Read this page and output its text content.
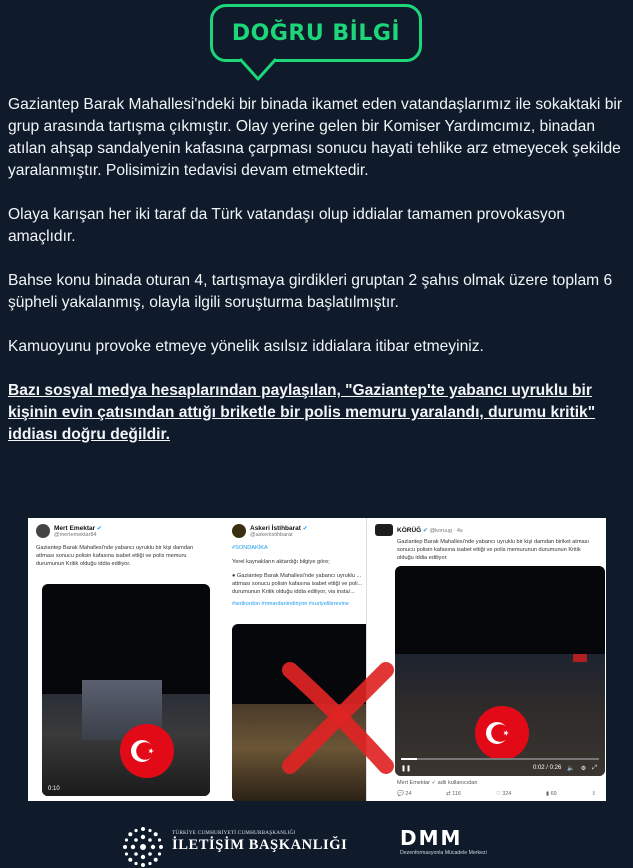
DOĞRU BİLGİ

Gaziantep Barak Mahallesi'ndeki bir binada ikamet eden vatandaşlarımız ile sokaktaki bir grup arasında tartışma çıkmıştır. Olay yerine gelen bir Komiser Yardımcımız, binadan atılan ahşap sandalyenin kafasına çarpması sonucu hayati tehlike arz etmeyecek şekilde yaralanmıştır. Polisimizin tedavisi devam etmektedir.

Olaya karışan her iki taraf da Türk vatandaşı olup iddialar tamamen provokasyon amaçlıdır.

Bahse konu binada oturan 4, tartışmaya girdikleri gruptan 2 şahıs olmak üzere toplam 6 şüpheli yakalanmış, olayla ilgili soruşturma başlatılmıştır.

Kamuoyunu provoke etmeye yönelik asılsız iddialara itibar etmeyiniz.

Bazı sosyal medya hesaplarından paylaşılan, "Gaziantep'te yabancı uyruklu bir kişinin evin çatısından attığı briketle bir polis memuru yaralandı, durumu kritik" iddiası doğru değildir.

Mert Emektar ✔
@mertemektar84
Gaziantep Barak Mahallesi'nde yabancı uyruklu bir kişi damdan attması sonucu polisin kafasına isabet ettiği ve polis memuru durumunun Kritik olduğu iddia ediliyor.
0:10
Askeri İstihbarat ✔
@askeriistihbarat
#SONDAKİKA
Yerel kaynakların aktardığı bilgiye göre;
● Gaziantep Barak Mahallesi'nde yabancı uyruklu ... attması sonucu polisin kafasına isabet ettiği ve poli... durumunun Kritik olduğu iddia ediliyor, via insta/...
#antkordon #nmardanindiriyim #suriyelilerevine
KÖRÜĞ ✔ @koruug · 4s
Gaziantep Barak Mahallesi'nde yabancı uyruklu bir kişi damdan biriket atması sonucu polisin kafasına isabet ettiği ve polis memurunun durumunun Kritik olduğu iddia ediliyor.
❚❚	0:02 / 0:26 🔈 ⚙ ⤢
Mert Emektar ✓ adlı kullanıcıdan
💬 24	⇄ 116	♡ 324	▮ 69	⇪
TÜRKİYE CUMHURİYETİ CUMHURBAŞKANLIĞI
İLETİŞİM BAŞKANLIĞI	DMM
Dezenformasyonla Mücadele Merkezi
